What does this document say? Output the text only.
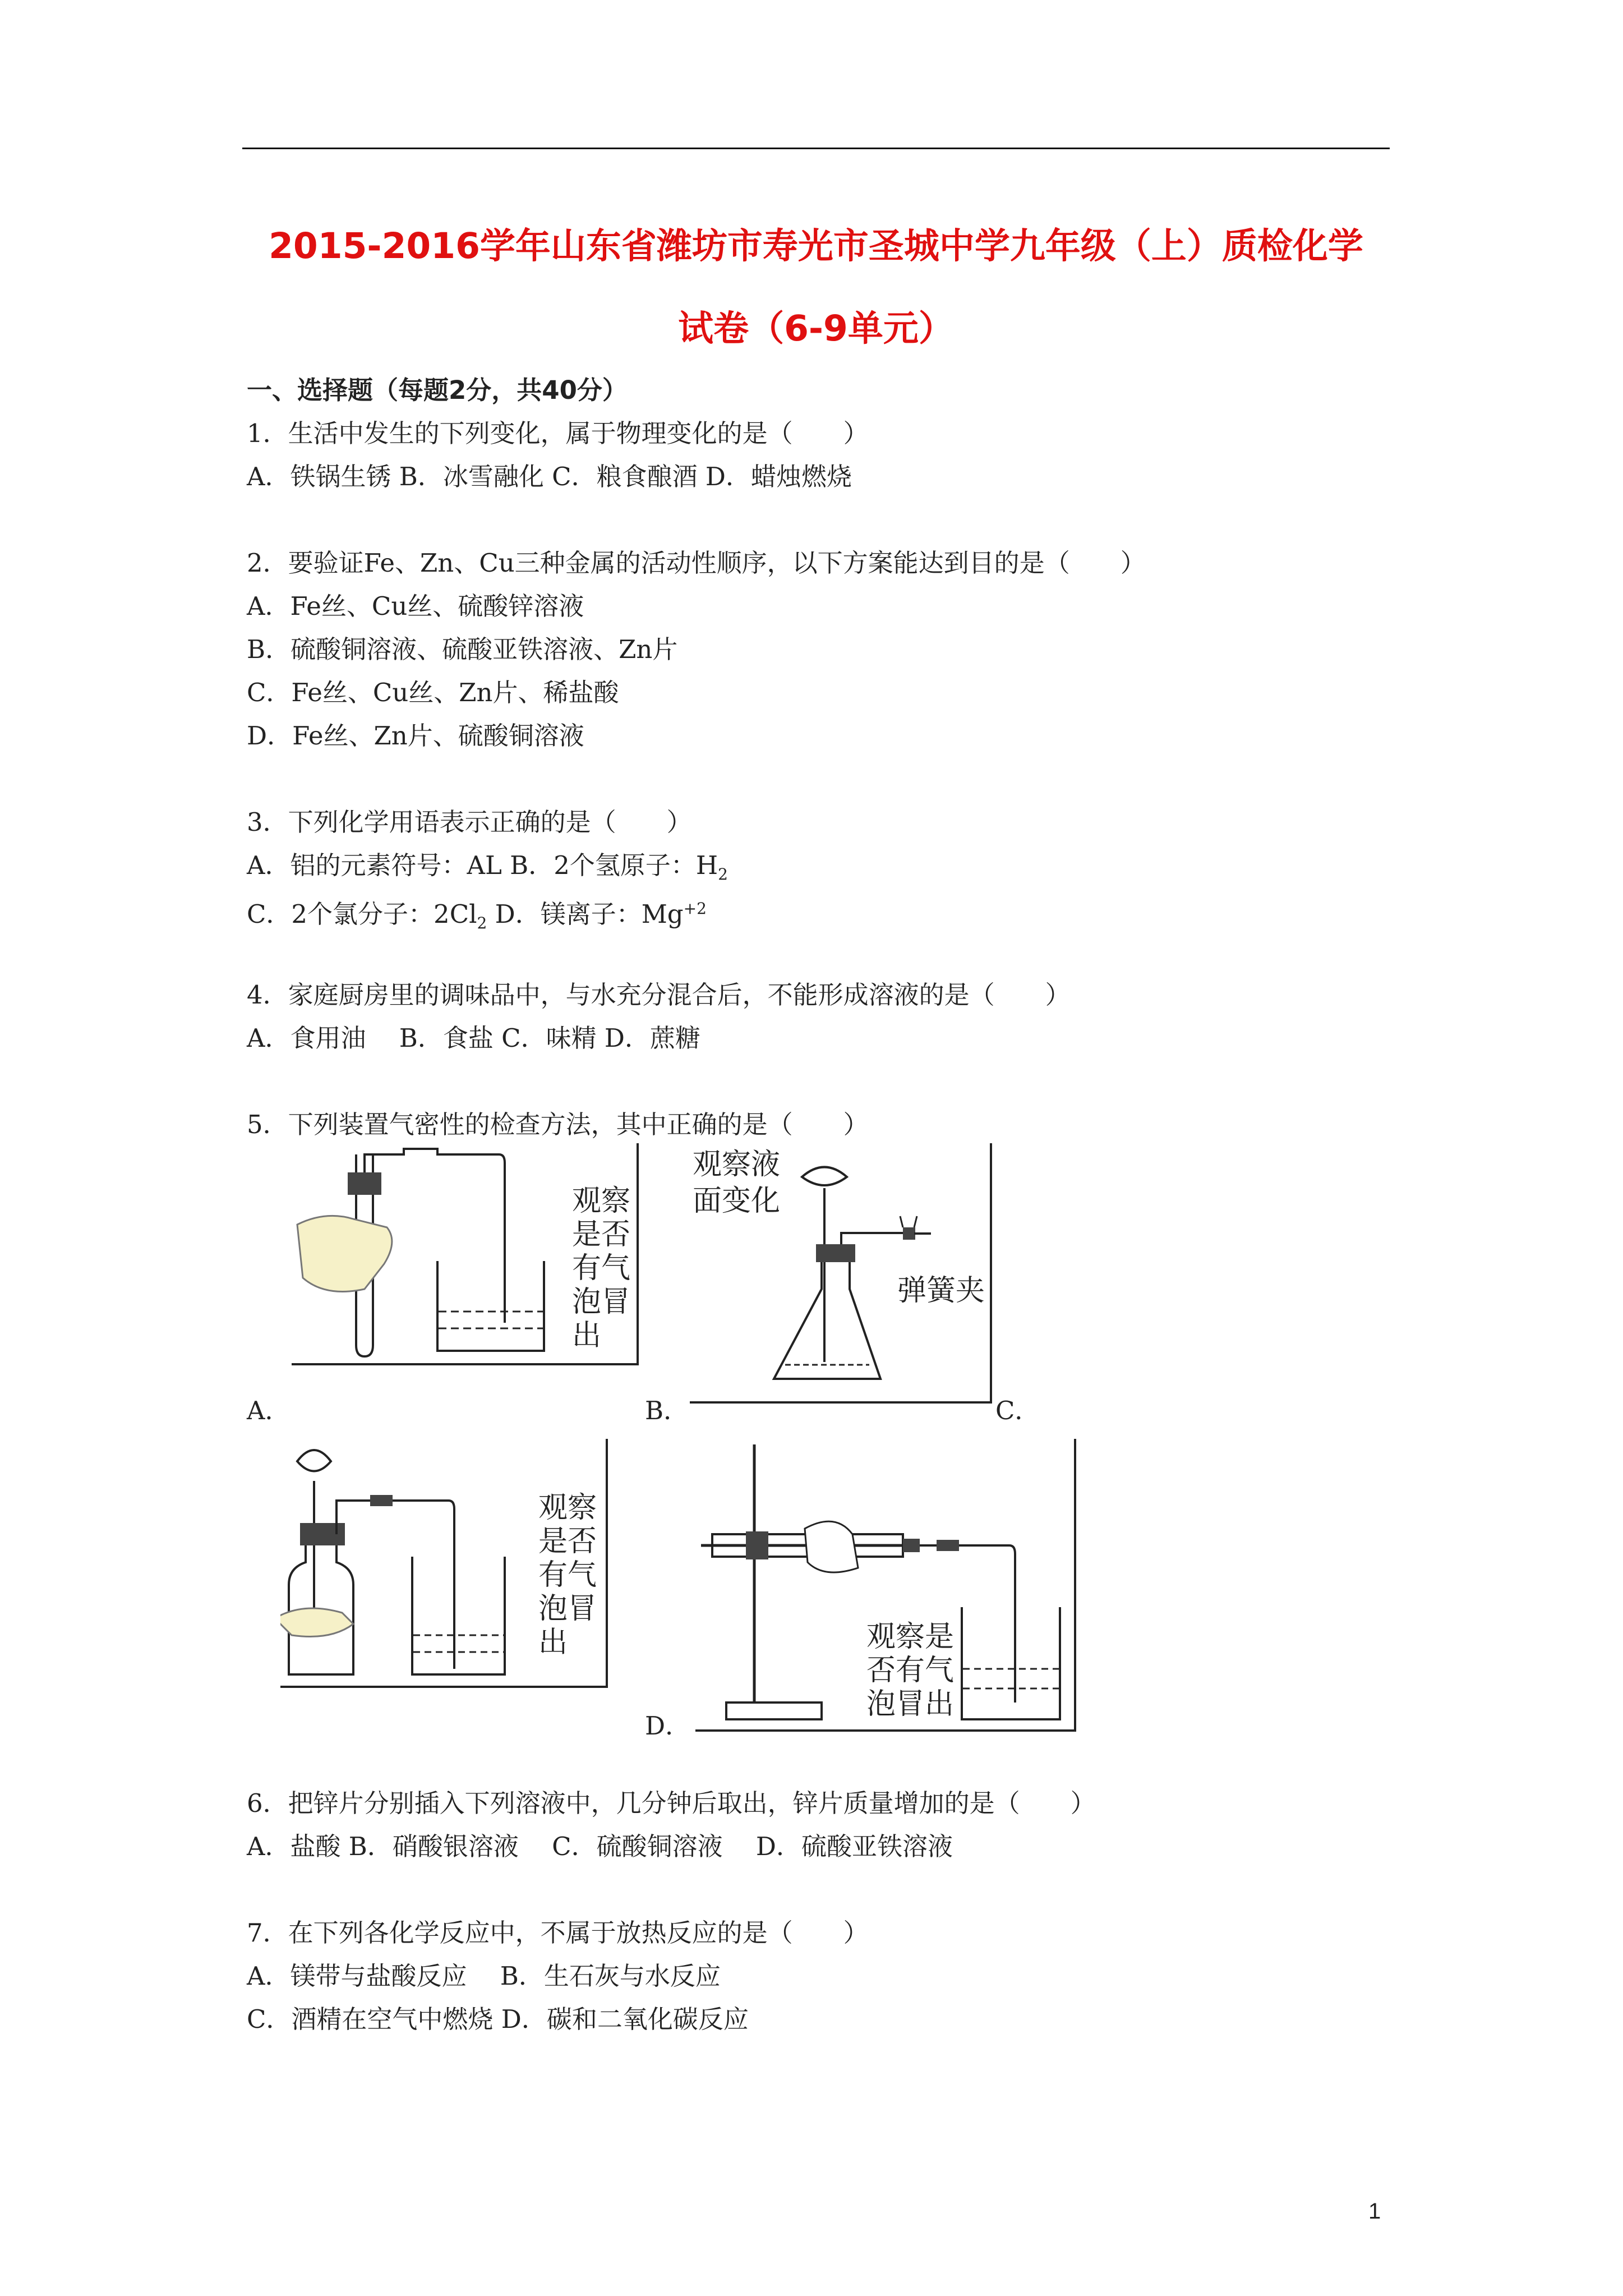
2015-2016学年山东省潍坊市寿光市圣城中学九年级（上）质检化学
试卷（6-9单元）
一、选择题（每题2分，共40分）
1．生活中发生的下列变化，属于物理变化的是（　　）
A．铁锅生锈 B．冰雪融化 C．粮食酿酒 D．蜡烛燃烧
2．要验证Fe、Zn、Cu三种金属的活动性顺序，以下方案能达到目的是（　　）
A．Fe丝、Cu丝、硫酸锌溶液
B．硫酸铜溶液、硫酸亚铁溶液、Zn片
C．Fe丝、Cu丝、Zn片、稀盐酸
D．Fe丝、Zn片、硫酸铜溶液
3．下列化学用语表示正确的是（　　）
A．铝的元素符号：AL B．2个氢原子：$H_2$
C．2个氯分子：$2Cl_2$ D．镁离子：$Mg^{+2}$
4．家庭厨房里的调味品中，与水充分混合后，不能形成溶液的是（　　）
A．食用油　 B．食盐 C．味精 D．蔗糖
5．下列装置气密性的检查方法，其中正确的是（　　）
观察
是否
有气
泡冒
出
A．
观察液
面变化
弹簧夹
B．	C．
观察
是否
有气
泡冒
出	观察是
否有气
泡冒出
D．
6．把锌片分别插入下列溶液中，几分钟后取出，锌片质量增加的是（　　）
A．盐酸 B．硝酸银溶液　 C．硫酸铜溶液　 D．硫酸亚铁溶液
7．在下列各化学反应中，不属于放热反应的是（　　）
A．镁带与盐酸反应　 B．生石灰与水反应
C．酒精在空气中燃烧 D．碳和二氧化碳反应
1
